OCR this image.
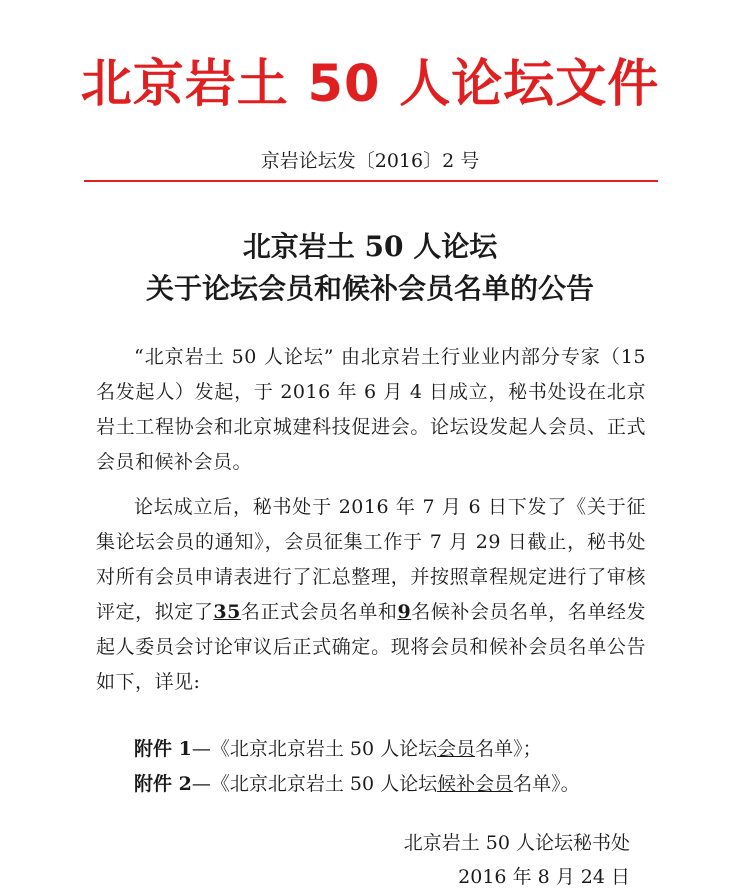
北京岩土 50 人论坛文件
京岩论坛发〔2016〕2 号
北京岩土 50 人论坛
关于论坛会员和候补会员名单的公告

“北京岩土 50 人论坛” 由北京岩土行业业内部分专家（15 名发起人）发起，于 2016 年 6 月 4 日成立，秘书处设在北京岩土工程协会和北京城建科技促进会。论坛设发起人会员、正式会员和候补会员。

论坛成立后，秘书处于 2016 年 7 月 6 日下发了《关于征集论坛会员的通知》，会员征集工作于 7 月 29 日截止，秘书处对所有会员申请表进行了汇总整理，并按照章程规定进行了审核评定，拟定了35名正式会员名单和9名候补会员名单，名单经发起人委员会讨论审议后正式确定。现将会员和候补会员名单公告如下，详见:

附件 1—《北京北京岩土 50 人论坛会员名单》；
附件 2—《北京北京岩土 50 人论坛候补会员名单》。
北京岩土 50 人论坛秘书处
2016 年 8 月 24 日
